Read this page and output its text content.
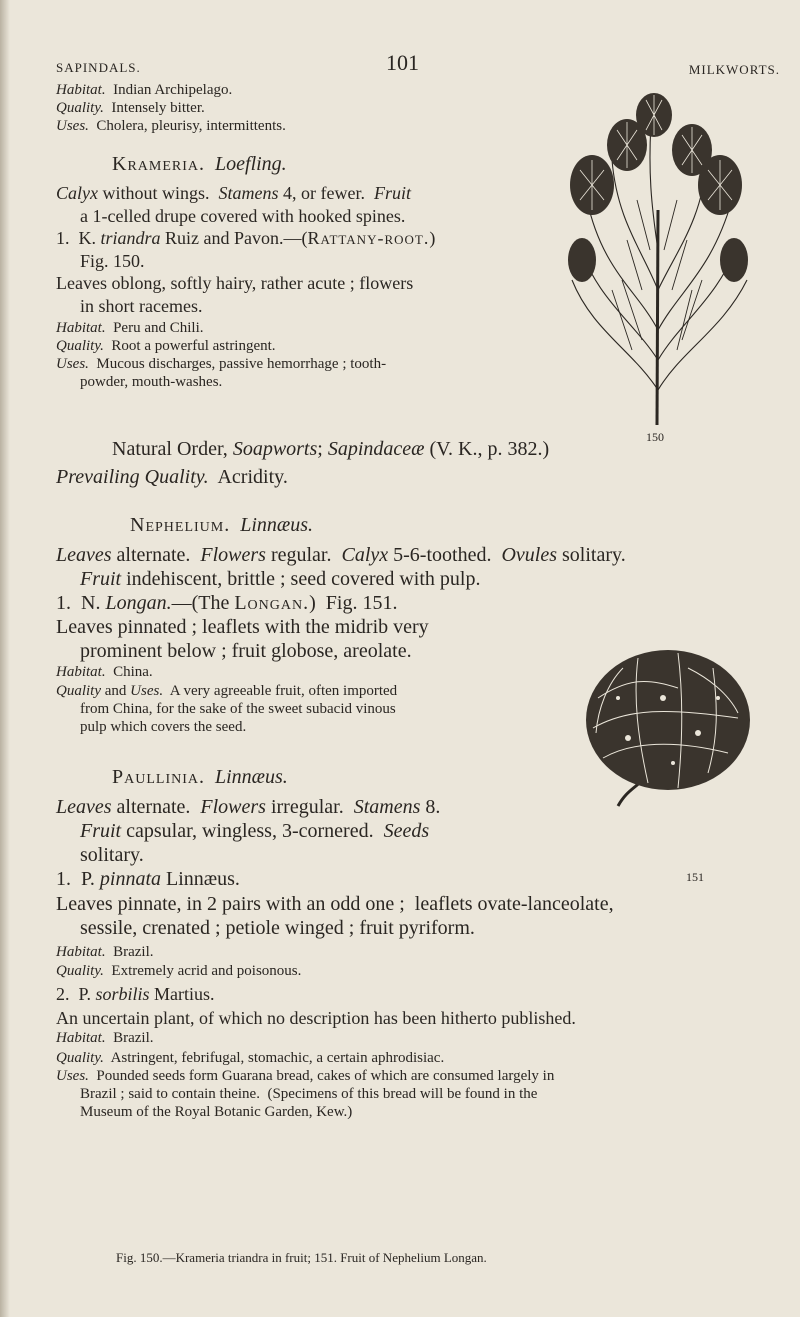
SAPINDALS.	101	MILKWORTS.
Habitat.  Indian Archipelago.
Quality.  Intensely bitter.
Uses.  Cholera, pleurisy, intermittents.
Krameria. Loefling.
Calyx without wings.  Stamens 4, or fewer.  Fruit
a 1-celled drupe covered with hooked spines.
1.  K. triandra Ruiz and Pavon.—(Rattany-root.)
Fig. 150.
Leaves oblong, softly hairy, rather acute ; flowers
in short racemes.
Habitat.  Peru and Chili.
Quality.  Root a powerful astringent.
Uses.  Mucous discharges, passive hemorrhage ; tooth-
powder, mouth-washes.
Natural Order, Soapworts; Sapindaceæ (V. K., p. 382.)
Prevailing Quality.  Acridity.
Nephelium. Linnæus.
Leaves alternate.  Flowers regular.  Calyx 5-6-toothed.  Ovules solitary.
Fruit indehiscent, brittle ; seed covered with pulp.
1.  N. Longan.—(The Longan.)  Fig. 151.
Leaves pinnated ; leaflets with the midrib very
prominent below ; fruit globose, areolate.
Habitat.  China.
Quality and Uses.  A very agreeable fruit, often imported
from China, for the sake of the sweet subacid vinous
pulp which covers the seed.
Paullinia. Linnæus.
Leaves alternate.  Flowers irregular.  Stamens 8.
Fruit capsular, wingless, 3-cornered.  Seeds
solitary.
1.  P. pinnata Linnæus.
Leaves pinnate, in 2 pairs with an odd one ;  leaflets ovate-lanceolate,
sessile, crenated ; petiole winged ; fruit pyriform.
Habitat.  Brazil.
Quality.  Extremely acrid and poisonous.
2.  P. sorbilis Martius.
An uncertain plant, of which no description has been hitherto published.
Habitat.  Brazil.
Quality.  Astringent, febrifugal, stomachic, a certain aphrodisiac.
Uses.  Pounded seeds form Guarana bread, cakes of which are consumed largely in
Brazil ; said to contain theine.  (Specimens of this bread will be found in the
Museum of the Royal Botanic Garden, Kew.)
150
151
Fig. 150.—Krameria triandra in fruit; 151. Fruit of Nephelium Longan.
